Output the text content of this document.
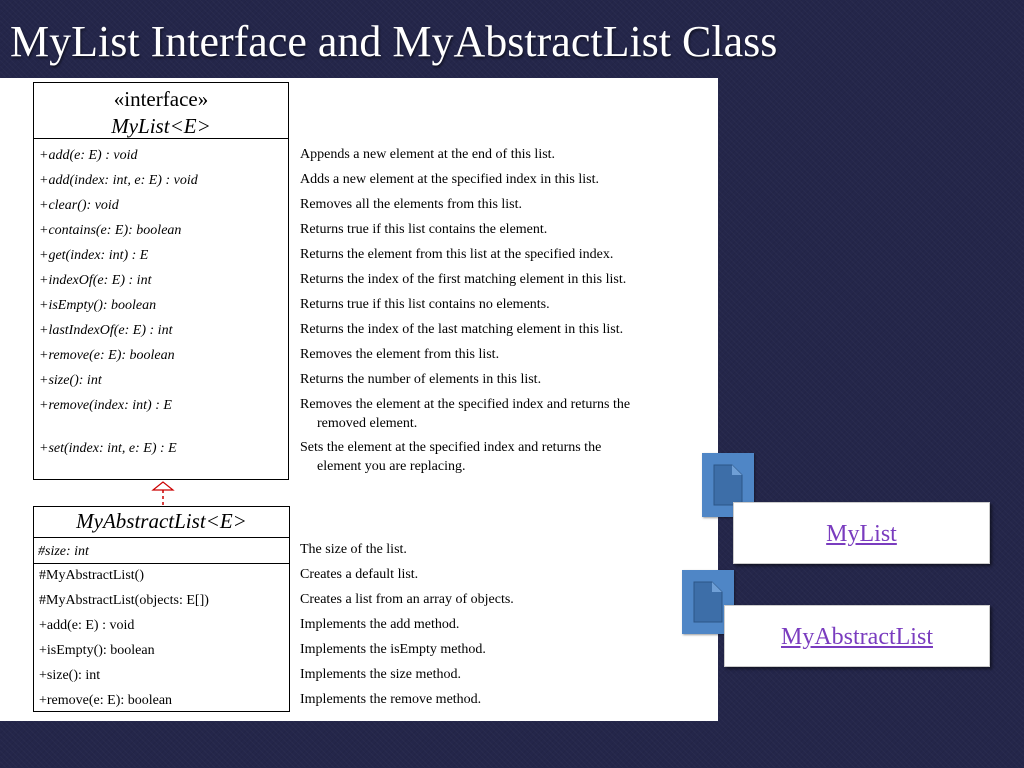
MyList Interface and MyAbstractList Class
«interface»
MyList<E>
+add(e: E) : void	Appends a new element at the end of this list.
+add(index: int, e: E) : void	Adds a new element at the specified index in this list.
+clear(): void	Removes all the elements from this list.
+contains(e: E): boolean	Returns true if this list contains the element.
+get(index: int) : E	Returns the element from this list at the specified index.
+indexOf(e: E) : int	Returns the index of the first matching element in this list.
+isEmpty(): boolean	Returns true if this list contains no elements.
+lastIndexOf(e: E) : int	Returns the index of the last matching element in this list.
+remove(e: E): boolean	Removes the element from this list.
+size(): int	Returns the number of elements in this list.
+remove(index: int) : E	Removes the element at the specified index and returns the
removed element.
+set(index: int, e: E) : E	Sets the element at the specified index and returns the
element you are replacing.
MyAbstractList<E>
#size: int	The size of the list.
#MyAbstractList()	Creates a default list.
#MyAbstractList(objects: E[])	Creates a list from an array of objects.
+add(e: E) : void	Implements the add method.
+isEmpty(): boolean	Implements the isEmpty method.
+size(): int	Implements the size method.
+remove(e: E): boolean	Implements the remove method.
MyList
MyAbstractList
